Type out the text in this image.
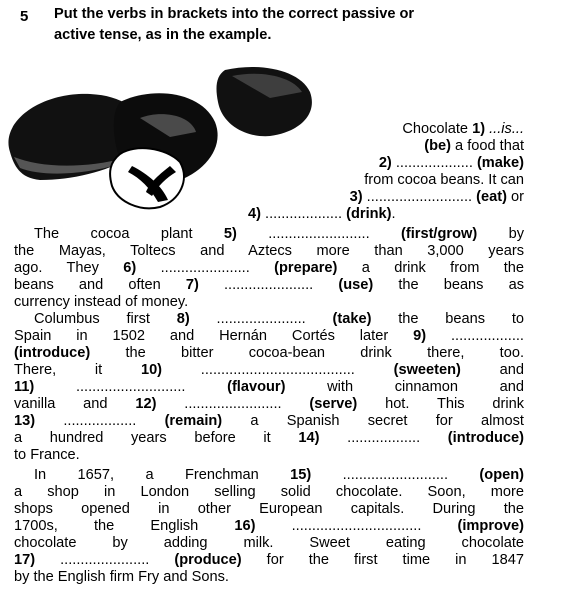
5	Put the verbs in brackets into the correct passive or
active tense, as in the example.
Chocolate 1) ...is...
(be) a food that
2) ................... (make)
from cocoa beans. It can
3) .......................... (eat) or
4) ................... (drink).
The cocoa plant 5) ......................... (first/grow) by
the Mayas, Toltecs and Aztecs more than 3,000 years
ago. They 6) ...................... (prepare) a drink from the
beans and often 7) ...................... (use) the beans as
currency instead of money.
Columbus first 8) ...................... (take) the beans to
Spain in 1502 and Hernán Cortés later 9) ..................
(introduce) the bitter cocoa-bean drink there, too.
There, it 10) ...................................... (sweeten) and
11) ........................... (flavour) with cinnamon and
vanilla and 12) ........................ (serve) hot. This drink
13) .................. (remain) a Spanish secret for almost
a hundred years before it 14) .................. (introduce)
to France.
In 1657, a Frenchman 15) .......................... (open)
a shop in London selling solid chocolate. Soon, more
shops opened in other European capitals. During the
1700s, the English 16) ................................ (improve)
chocolate by adding milk. Sweet eating chocolate
17) ...................... (produce) for the first time in 1847
by the English firm Fry and Sons.
